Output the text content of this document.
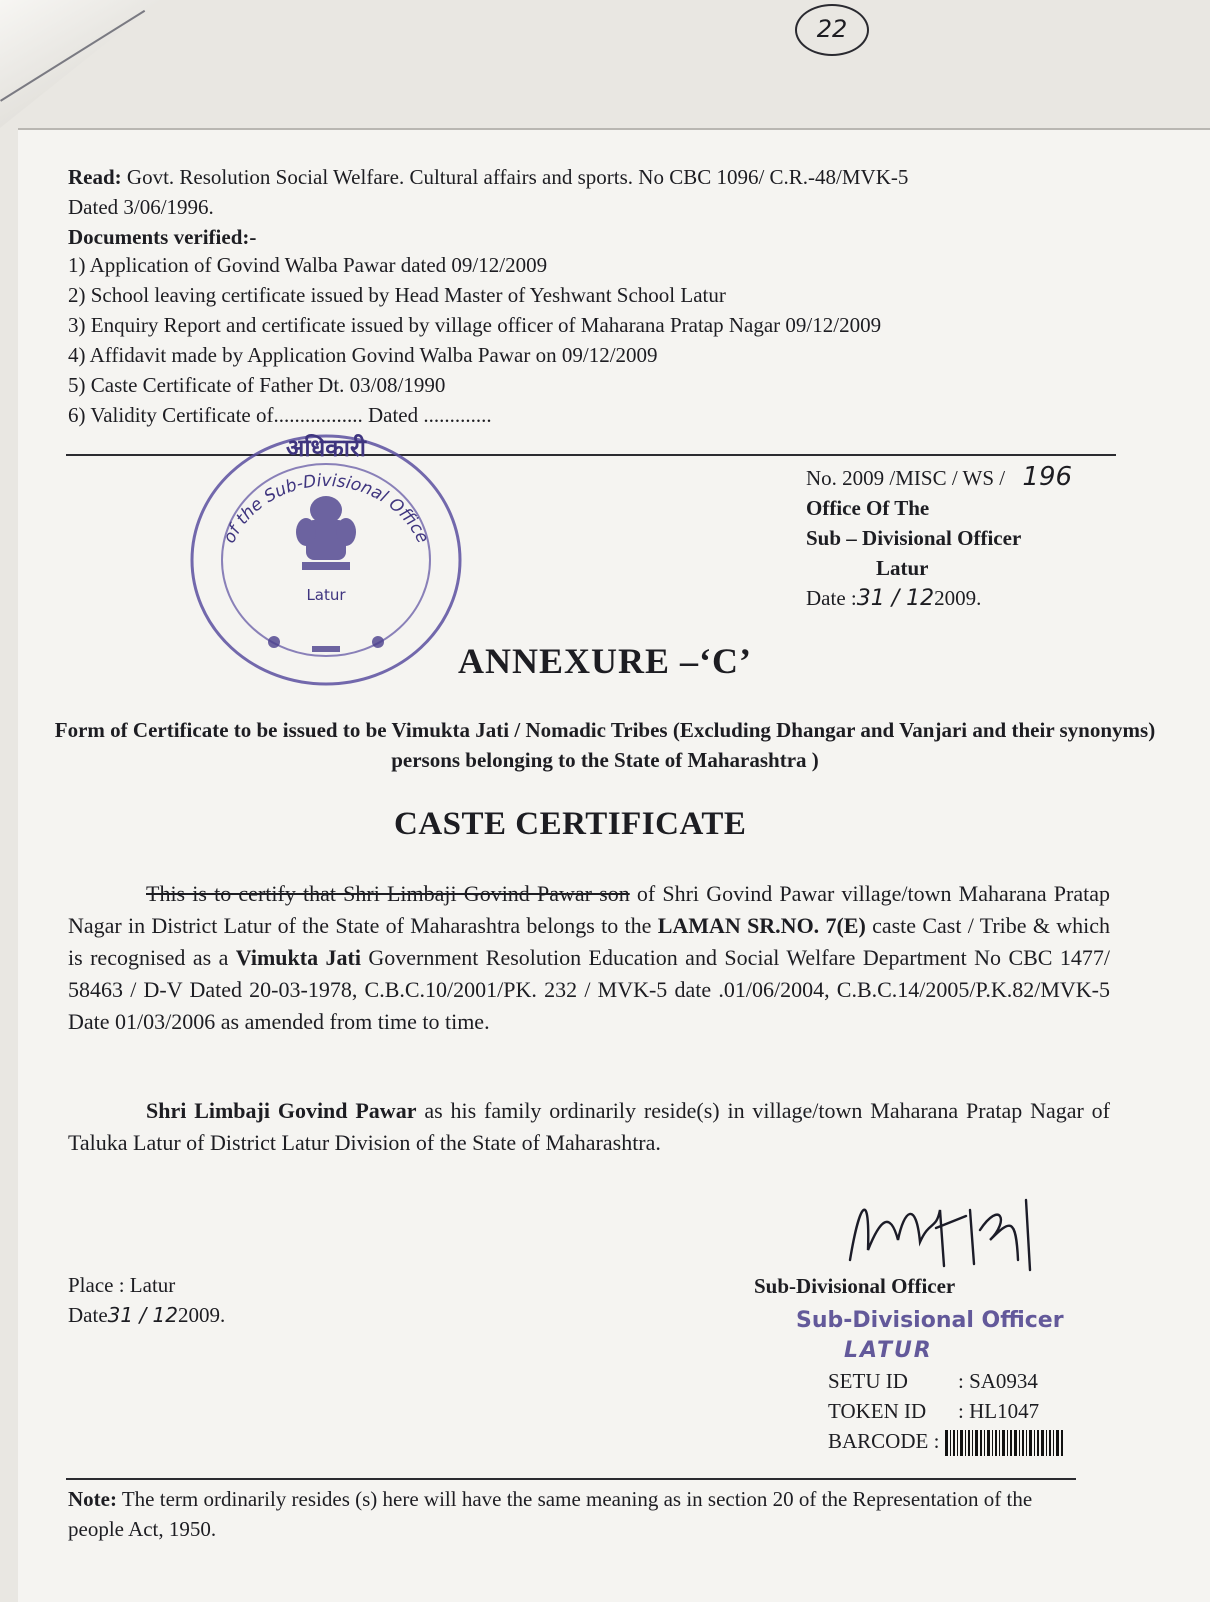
22
Read: Govt. Resolution Social Welfare. Cultural affairs and sports. No CBC 1096/ C.R.-48/MVK-5
Dated 3/06/1996.
Documents verified:-
1) Application of Govind Walba Pawar dated 09/12/2009
2) School leaving certificate issued by Head Master of Yeshwant School Latur
3) Enquiry Report and certificate issued by village officer of Maharana Pratap Nagar 09/12/2009
4) Affidavit made by Application Govind Walba Pawar on 09/12/2009
5) Caste Certificate of Father Dt. 03/08/1990
6) Validity Certificate of................. Dated .............
अधिकारी
of the Sub-Divisional Office
Latur
No. 2009 /MISC / WS / 196
Office Of The
Sub – Divisional Officer
Latur
Date :31 / 122009.
ANNEXURE –‘C’
Form of Certificate to be issued to be Vimukta Jati / Nomadic Tribes (Excluding Dhangar and Vanjari and their synonyms) persons belonging to the State of Maharashtra )
CASTE CERTIFICATE
This is to certify that Shri Limbaji Govind Pawar son of Shri Govind Pawar village/town Maharana Pratap Nagar in District Latur of the State of Maharashtra belongs to the LAMAN SR.NO. 7(E) caste Cast / Tribe & which is recognised as a Vimukta Jati Government Resolution Education and Social Welfare Department No CBC 1477/ 58463 / D-V Dated 20-03-1978, C.B.C.10/2001/PK. 232 / MVK-5 date .01/06/2004, C.B.C.14/2005/P.K.82/MVK-5 Date 01/03/2006 as amended from time to time.
Shri Limbaji Govind Pawar as his family ordinarily reside(s) in village/town Maharana Pratap Nagar of Taluka Latur of District Latur Division of the State of Maharashtra.
Place : Latur
Date31 / 122009.
Sub-Divisional Officer
Sub-Divisional Officer
LATUR
SETU ID : SA0934
TOKEN ID : HL1047
BARCODE :
Note: The term ordinarily resides (s) here will have the same meaning as in section 20 of the Representation of the people Act, 1950.
